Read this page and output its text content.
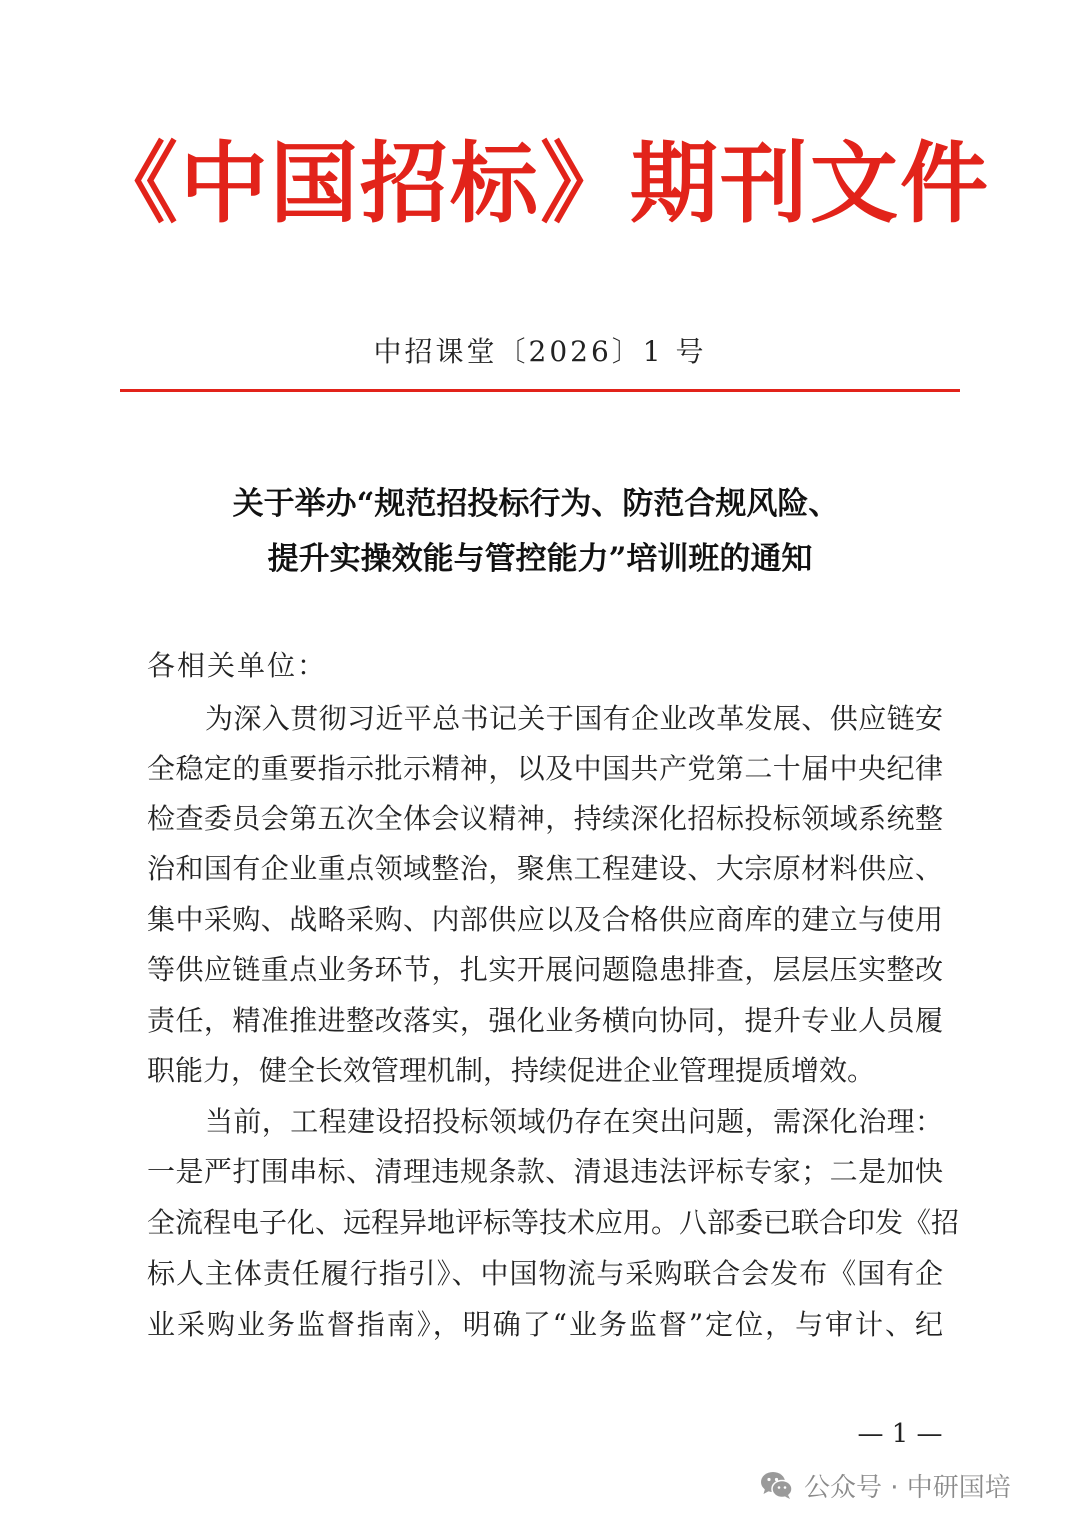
《中国招标》期刊文件
中招课堂〔2026〕1 号
关于举办“规范招投标行为、防范合规风险、
提升实操效能与管控能力”培训班的通知
各相关单位：
为深入贯彻习近平总书记关于国有企业改革发展、供应链安
全稳定的重要指示批示精神，以及中国共产党第二十届中央纪律
检查委员会第五次全体会议精神，持续深化招标投标领域系统整
治和国有企业重点领域整治，聚焦工程建设、大宗原材料供应、
集中采购、战略采购、内部供应以及合格供应商库的建立与使用
等供应链重点业务环节，扎实开展问题隐患排查，层层压实整改
责任，精准推进整改落实，强化业务横向协同，提升专业人员履
职能力，健全长效管理机制，持续促进企业管理提质增效。
当前，工程建设招投标领域仍存在突出问题，需深化治理：
一是严打围串标、清理违规条款、清退违法评标专家；二是加快
全流程电子化、远程异地评标等技术应用。八部委已联合印发《招
标人主体责任履行指引》、中国物流与采购联合会发布《国有企
业采购业务监督指南》，明确了“业务监督”定位，与审计、纪
— 1 —
公众号 · 中研国培
